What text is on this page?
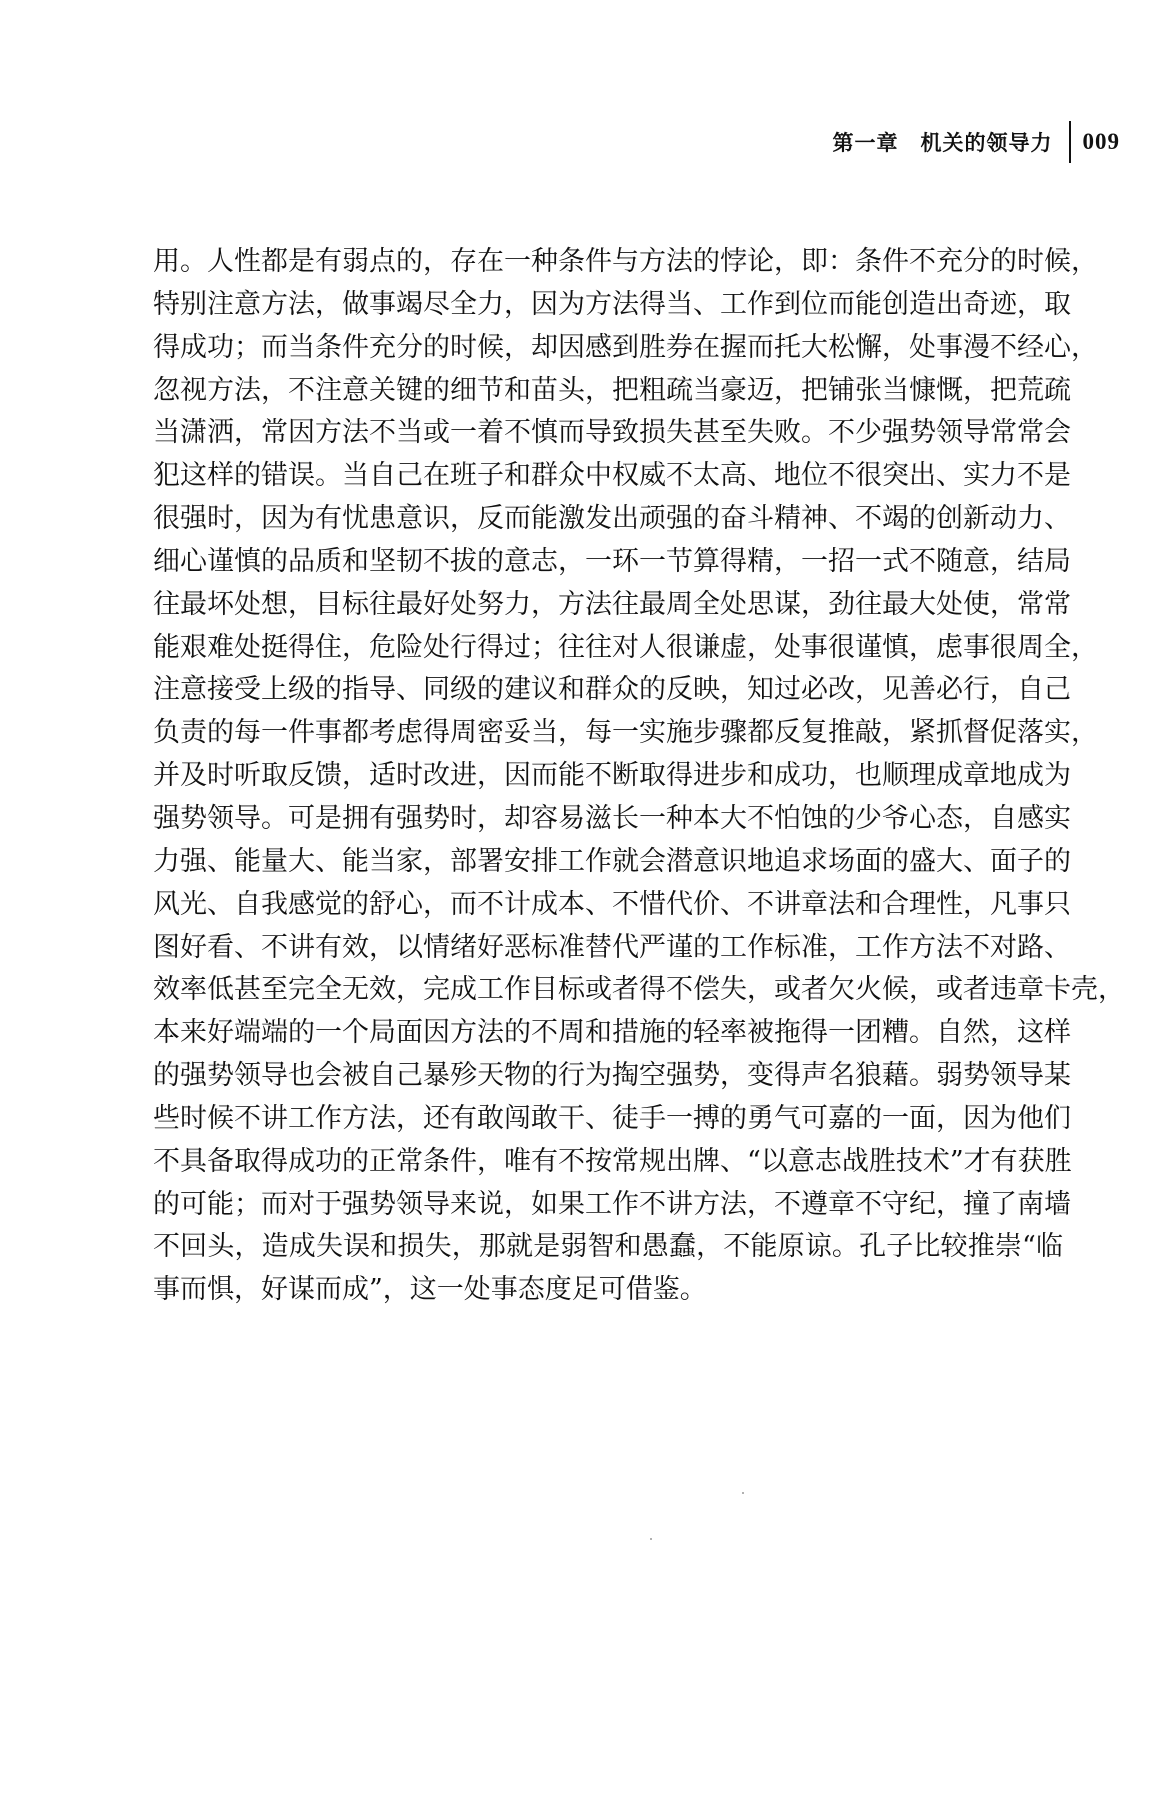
第一章　机关的领导力 009
用 。 人 性 都 是 有 弱 点 的 ， 存 在 一 种 条 件 与 方 法 的 悖 论 ， 即 ： 条 件 不 充 分 的 时 候 ，
特 别 注 意 方 法 ， 做 事 竭 尽 全 力 ， 因 为 方 法 得 当 、 工 作 到 位 而 能 创 造 出 奇 迹 ， 取
得 成 功 ； 而 当 条 件 充 分 的 时 候 ， 却 因 感 到 胜 券 在 握 而 托 大 松 懈 ， 处 事 漫 不 经 心 ，
忽 视 方 法 ， 不 注 意 关 键 的 细 节 和 苗 头 ， 把 粗 疏 当 豪 迈 ， 把 铺 张 当 慷 慨 ， 把 荒 疏
当 潇 洒 ， 常 因 方 法 不 当 或 一 着 不 慎 而 导 致 损 失 甚 至 失 败 。 不 少 强 势 领 导 常 常 会
犯 这 样 的 错 误 。 当 自 己 在 班 子 和 群 众 中 权 威 不 太 高 、 地 位 不 很 突 出 、 实 力 不 是
很 强 时 ， 因 为 有 忧 患 意 识 ， 反 而 能 激 发 出 顽 强 的 奋 斗 精 神 、 不 竭 的 创 新 动 力 、
细 心 谨 慎 的 品 质 和 坚 韧 不 拔 的 意 志 ， 一 环 一 节 算 得 精 ， 一 招 一 式 不 随 意 ， 结 局
往 最 坏 处 想 ， 目 标 往 最 好 处 努 力 ， 方 法 往 最 周 全 处 思 谋 ， 劲 往 最 大 处 使 ， 常 常
能 艰 难 处 挺 得 住 ， 危 险 处 行 得 过 ； 往 往 对 人 很 谦 虚 ， 处 事 很 谨 慎 ， 虑 事 很 周 全 ，
注 意 接 受 上 级 的 指 导 、 同 级 的 建 议 和 群 众 的 反 映 ， 知 过 必 改 ， 见 善 必 行 ， 自 己
负 责 的 每 一 件 事 都 考 虑 得 周 密 妥 当 ， 每 一 实 施 步 骤 都 反 复 推 敲 ， 紧 抓 督 促 落 实 ，
并 及 时 听 取 反 馈 ， 适 时 改 进 ， 因 而 能 不 断 取 得 进 步 和 成 功 ， 也 顺 理 成 章 地 成 为
强 势 领 导 。 可 是 拥 有 强 势 时 ， 却 容 易 滋 长 一 种 本 大 不 怕 蚀 的 少 爷 心 态 ， 自 感 实
力 强 、 能 量 大 、 能 当 家 ， 部 署 安 排 工 作 就 会 潜 意 识 地 追 求 场 面 的 盛 大 、 面 子 的
风 光 、 自 我 感 觉 的 舒 心 ， 而 不 计 成 本 、 不 惜 代 价 、 不 讲 章 法 和 合 理 性 ， 凡 事 只
图 好 看 、 不 讲 有 效 ， 以 情 绪 好 恶 标 准 替 代 严 谨 的 工 作 标 准 ， 工 作 方 法 不 对 路 、
效 率 低 甚 至 完 全 无 效 ， 完 成 工 作 目 标 或 者 得 不 偿 失 ， 或 者 欠 火 候 ， 或 者 违 章 卡 壳 ，
本 来 好 端 端 的 一 个 局 面 因 方 法 的 不 周 和 措 施 的 轻 率 被 拖 得 一 团 糟 。 自 然 ， 这 样
的 强 势 领 导 也 会 被 自 己 暴 殄 天 物 的 行 为 掏 空 强 势 ， 变 得 声 名 狼 藉 。 弱 势 领 导 某
些 时 候 不 讲 工 作 方 法 ， 还 有 敢 闯 敢 干 、 徒 手 一 搏 的 勇 气 可 嘉 的 一 面 ， 因 为 他 们
不 具 备 取 得 成 功 的 正 常 条 件 ， 唯 有 不 按 常 规 出 牌 、 “ 以 意 志 战 胜 技 术 ” 才 有 获 胜
的 可 能 ； 而 对 于 强 势 领 导 来 说 ， 如 果 工 作 不 讲 方 法 ， 不 遵 章 不 守 纪 ， 撞 了 南 墙
不 回 头 ， 造 成 失 误 和 损 失 ， 那 就 是 弱 智 和 愚 蠢 ， 不 能 原 谅 。 孔 子 比 较 推 崇 “ 临
事而惧，好谋而成”，这一处事态度足可借鉴。
